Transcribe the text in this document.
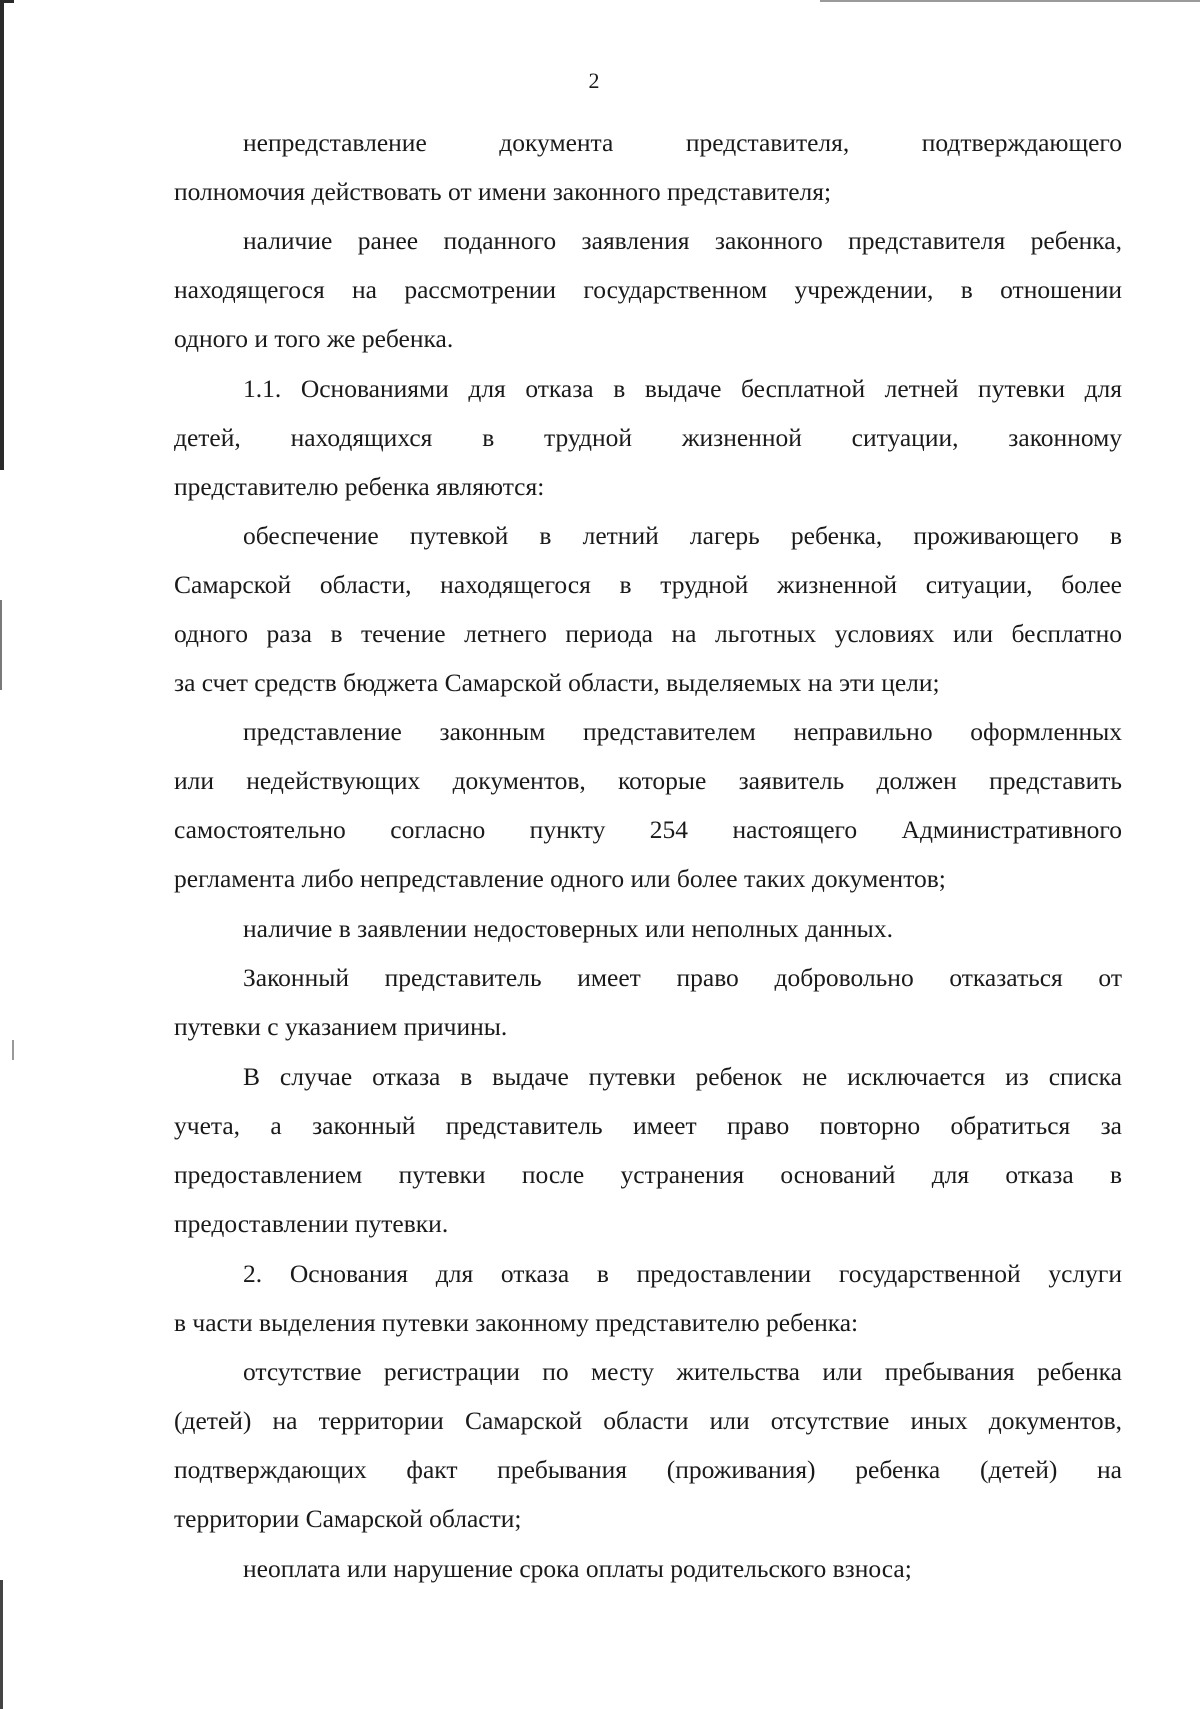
2
непредставление документа представителя, подтверждающего
полномочия действовать от имени законного представителя;
наличие ранее поданного заявления законного представителя ребенка,
находящегося на рассмотрении государственном учреждении, в отношении
одного и того же ребенка.
1.1. Основаниями для отказа в выдаче бесплатной летней путевки для
детей, находящихся в трудной жизненной ситуации, законному
представителю ребенка являются:
обеспечение путевкой в летний лагерь ребенка, проживающего в
Самарской области, находящегося в трудной жизненной ситуации, более
одного раза в течение летнего периода на льготных условиях или бесплатно
за счет средств бюджета Самарской области, выделяемых на эти цели;
представление законным представителем неправильно оформленных
или недействующих документов, которые заявитель должен представить
самостоятельно согласно пункту 254 настоящего Административного
регламента либо непредставление одного или более таких документов;
наличие в заявлении недостоверных или неполных данных.
Законный представитель имеет право добровольно отказаться от
путевки с указанием причины.
В случае отказа в выдаче путевки ребенок не исключается из списка
учета, а законный представитель имеет право повторно обратиться за
предоставлением путевки после устранения оснований для отказа в
предоставлении путевки.
2. Основания для отказа в предоставлении государственной услуги
в части выделения путевки законному представителю ребенка:
отсутствие регистрации по месту жительства или пребывания ребенка
(детей) на территории Самарской области или отсутствие иных документов,
подтверждающих факт пребывания (проживания) ребенка (детей) на
территории Самарской области;
неоплата или нарушение срока оплаты родительского взноса;
